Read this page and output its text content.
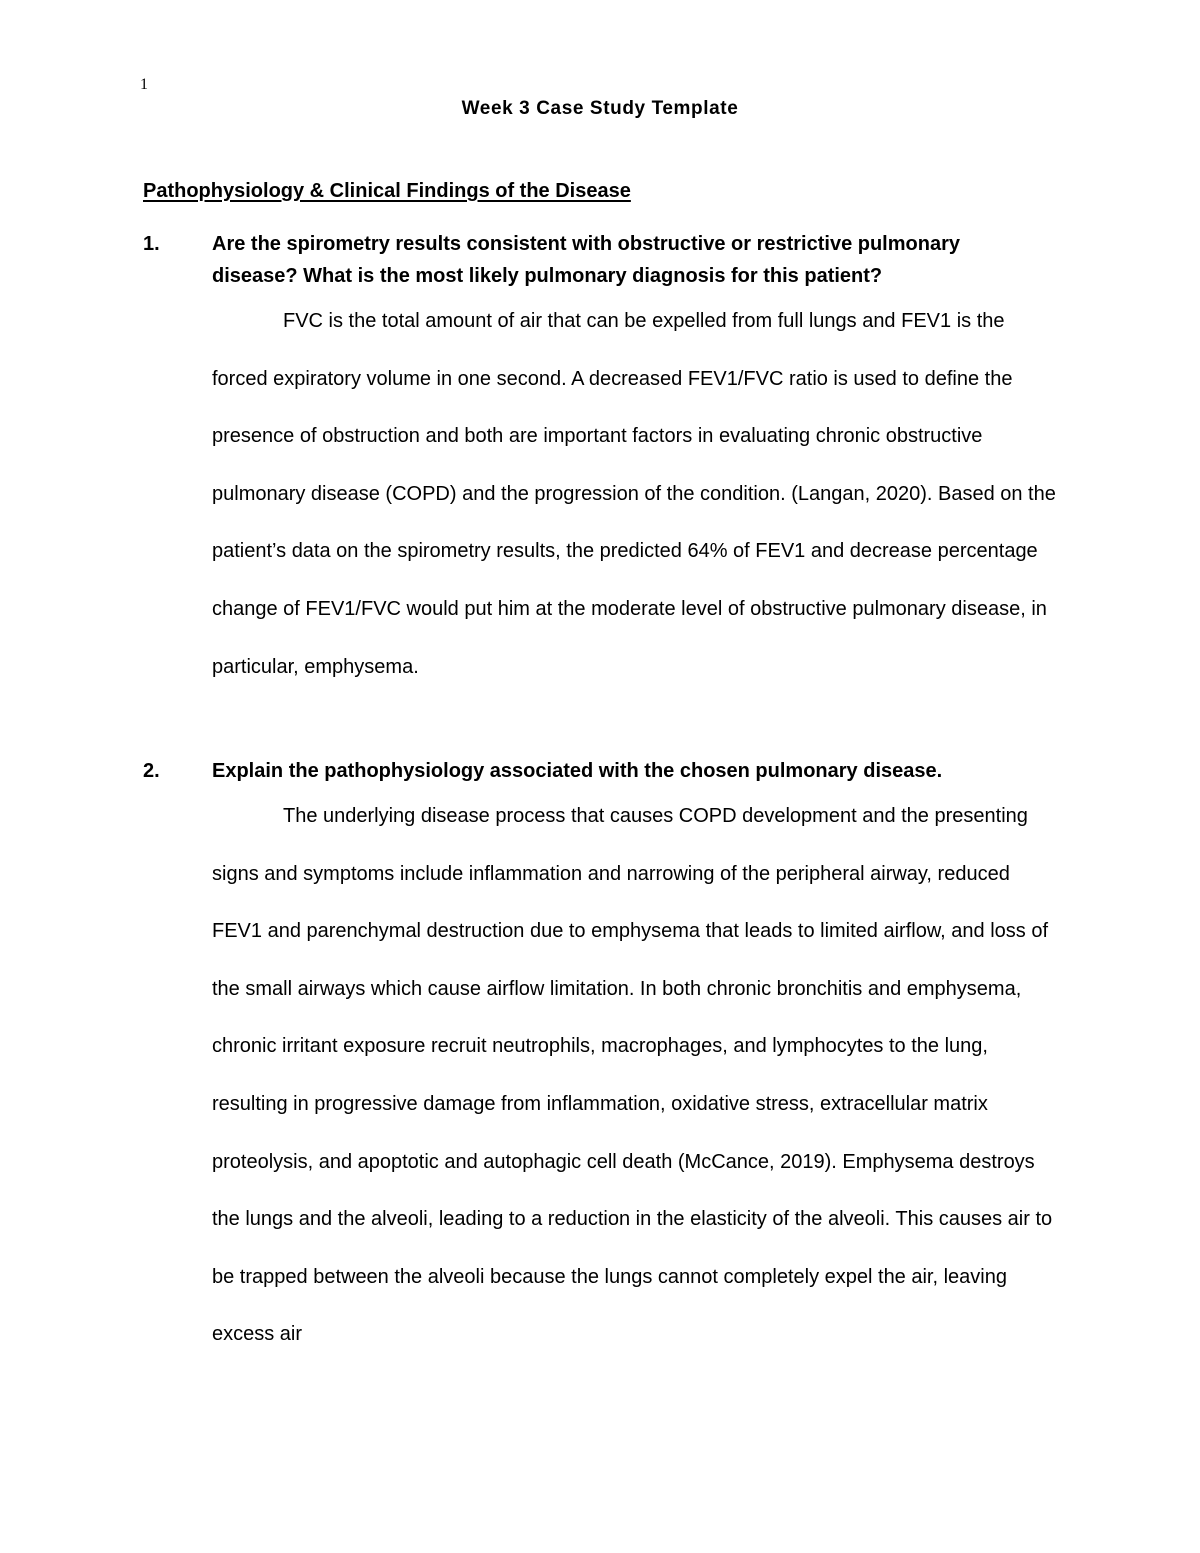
1
Week 3 Case Study Template
Pathophysiology & Clinical Findings of the Disease
1.	Are the spirometry results consistent with obstructive or restrictive pulmonary disease? What is the most likely pulmonary diagnosis for this patient?

FVC is the total amount of air that can be expelled from full lungs and FEV1 is the forced expiratory volume in one second. A decreased FEV1/FVC ratio is used to define the presence of obstruction and both are important factors in evaluating chronic obstructive pulmonary disease (COPD) and the progression of the condition. (Langan, 2020). Based on the patient’s data on the spirometry results, the predicted 64% of FEV1 and decrease percentage change of FEV1/FVC would put him at the moderate level of obstructive pulmonary disease, in particular, emphysema.

2.	Explain the pathophysiology associated with the chosen pulmonary disease.

The underlying disease process that causes COPD development and the presenting signs and symptoms include inflammation and narrowing of the peripheral airway, reduced FEV1 and parenchymal destruction due to emphysema that leads to limited airflow, and loss of the small airways which cause airflow limitation. In both chronic bronchitis and emphysema, chronic irritant exposure recruit neutrophils, macrophages, and lymphocytes to the lung, resulting in progressive damage from inflammation, oxidative stress, extracellular matrix proteolysis, and apoptotic and autophagic cell death (McCance, 2019). Emphysema destroys the lungs and the alveoli, leading to a reduction in the elasticity of the alveoli. This causes air to be trapped between the alveoli because the lungs cannot completely expel the air, leaving excess air
